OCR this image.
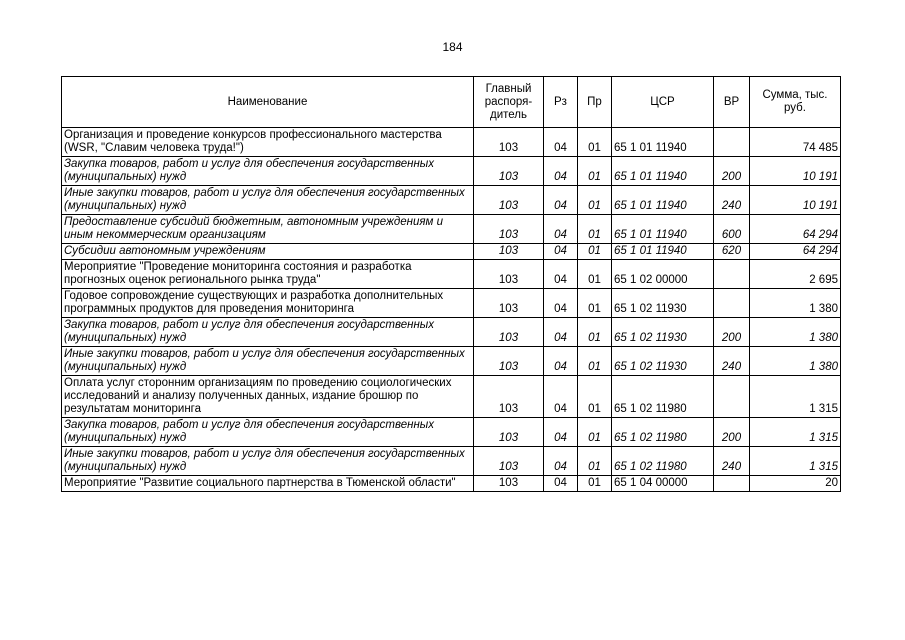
184
Наименование	Главный распоря-дитель	Рз	Пр	ЦСР	ВР	Сумма, тыс. руб.
Организация и проведение конкурсов профессионального мастерства (WSR, "Славим человека труда!")	103	04	01	65 1 01 11940		74 485
Закупка товаров, работ и услуг для обеспечения государственных (муниципальных) нужд	103	04	01	65 1 01 11940	200	10 191
Иные закупки товаров, работ и услуг для обеспечения государственных (муниципальных) нужд	103	04	01	65 1 01 11940	240	10 191
Предоставление субсидий бюджетным, автономным учреждениям и иным некоммерческим организациям	103	04	01	65 1 01 11940	600	64 294
Субсидии автономным учреждениям	103	04	01	65 1 01 11940	620	64 294
Мероприятие "Проведение мониторинга состояния и разработка прогнозных оценок регионального рынка труда"	103	04	01	65 1 02 00000		2 695
Годовое сопровождение существующих и разработка дополнительных программных продуктов для проведения мониторинга	103	04	01	65 1 02 11930		1 380
Закупка товаров, работ и услуг для обеспечения государственных (муниципальных) нужд	103	04	01	65 1 02 11930	200	1 380
Иные закупки товаров, работ и услуг для обеспечения государственных (муниципальных) нужд	103	04	01	65 1 02 11930	240	1 380
Оплата услуг сторонним организациям по проведению социологических исследований и анализу полученных данных, издание брошюр по результатам мониторинга	103	04	01	65 1 02 11980		1 315
Закупка товаров, работ и услуг для обеспечения государственных (муниципальных) нужд	103	04	01	65 1 02 11980	200	1 315
Иные закупки товаров, работ и услуг для обеспечения государственных (муниципальных) нужд	103	04	01	65 1 02 11980	240	1 315
Мероприятие "Развитие социального партнерства в Тюменской области"	103	04	01	65 1 04 00000		20
